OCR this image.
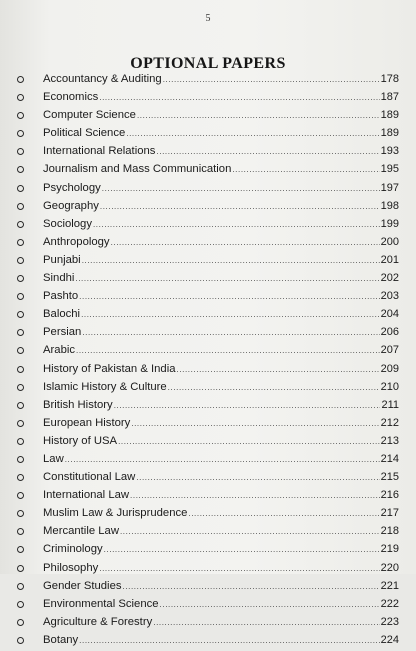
5
OPTIONAL PAPERS
Accountancy & Auditing .....	178
Economics .....	187
Computer Science .....	189
Political Science .....	189
International Relations .....	193
Journalism and Mass Communication .....	195
Psychology .....	197
Geography .....	198
Sociology .....	199
Anthropology .....	200
Punjabi .....	201
Sindhi .....	202
Pashto .....	203
Balochi .....	204
Persian .....	206
Arabic .....	207
History of Pakistan & India .....	209
Islamic History & Culture .....	210
British History .....	211
European History .....	212
History of USA .....	213
Law .....	214
Constitutional Law .....	215
International Law .....	216
Muslim Law & Jurisprudence .....	217
Mercantile Law .....	218
Criminology .....	219
Philosophy .....	220
Gender Studies .....	221
Environmental Science .....	222
Agriculture & Forestry .....	223
Botany .....	224
